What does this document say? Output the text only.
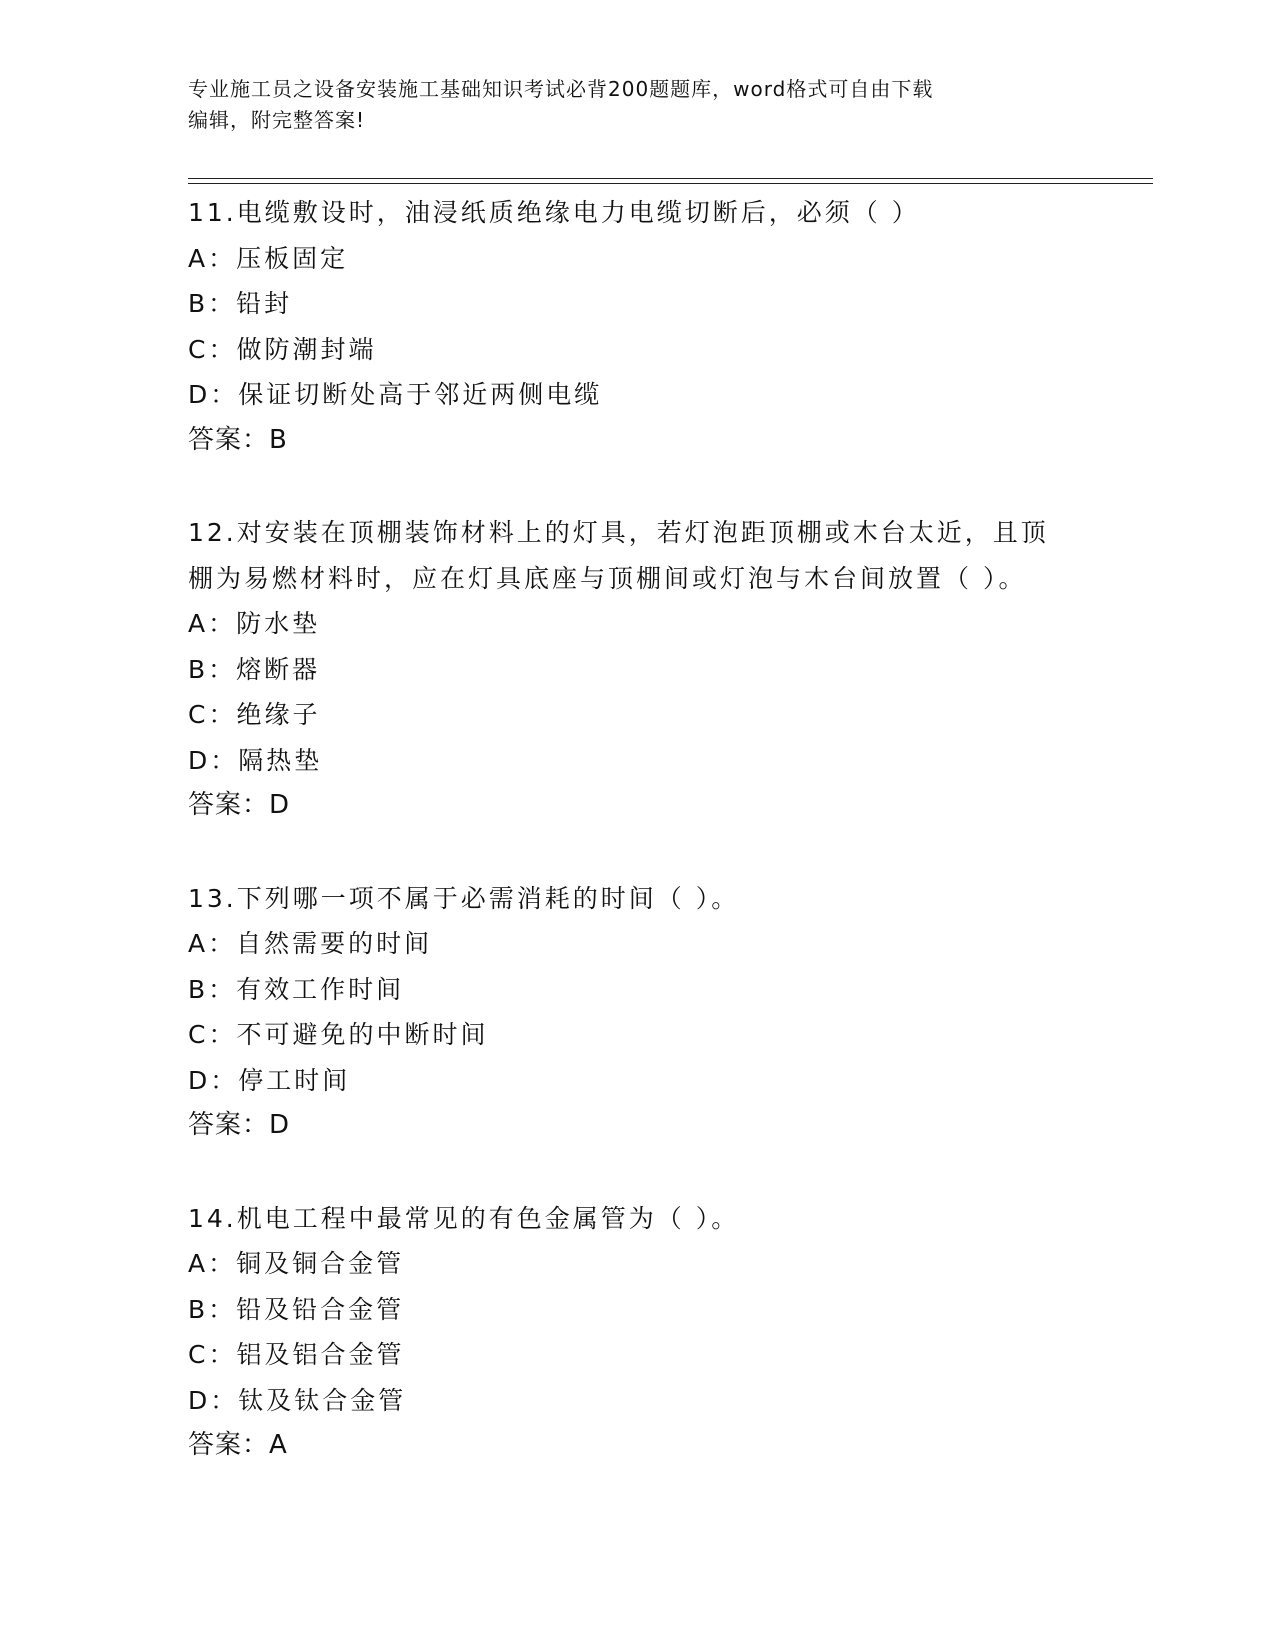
专业施工员之设备安装施工基础知识考试必背200题题库，word格式可自由下载
编辑，附完整答案!
11.电缆敷设时，油浸纸质绝缘电力电缆切断后，必须（ ）
A：压板固定
B：铅封
C：做防潮封端
D：保证切断处高于邻近两侧电缆
答案：B
12.对安装在顶棚装饰材料上的灯具，若灯泡距顶棚或木台太近，且顶
棚为易燃材料时，应在灯具底座与顶棚间或灯泡与木台间放置（ ）。
A：防水垫
B：熔断器
C：绝缘子
D：隔热垫
答案：D
13.下列哪一项不属于必需消耗的时间（ ）。
A：自然需要的时间
B：有效工作时间
C：不可避免的中断时间
D：停工时间
答案：D
14.机电工程中最常见的有色金属管为（ ）。
A：铜及铜合金管
B：铅及铅合金管
C：铝及铝合金管
D：钛及钛合金管
答案：A
